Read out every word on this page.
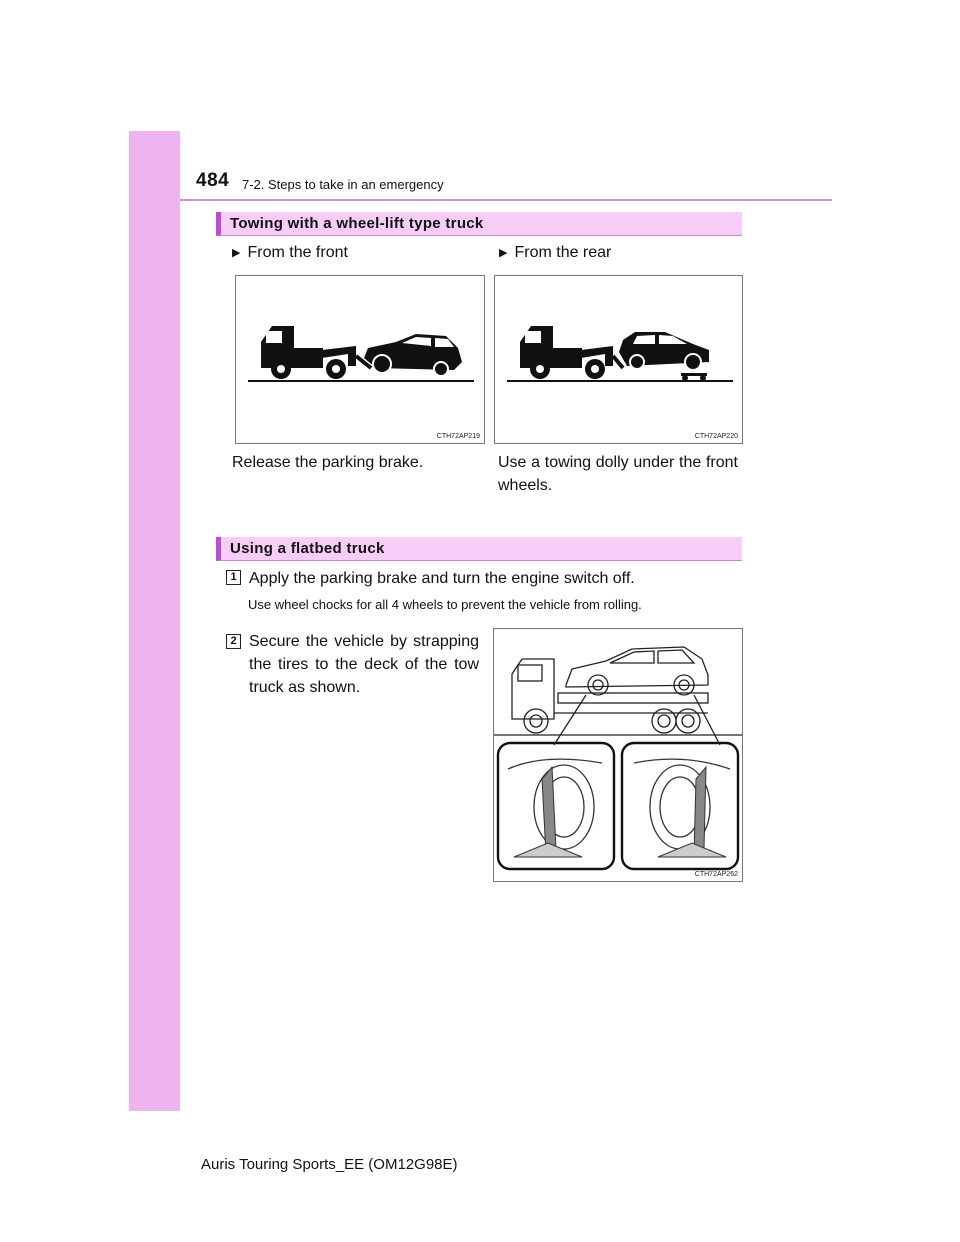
484 7-2. Steps to take in an emergency
Towing with a wheel-lift type truck
▶ From the front	▶ From the rear
CTH72AP219	CTH72AP220
Release the parking brake.	Use a towing dolly under the front wheels.
Using a flatbed truck
1 Apply the parking brake and turn the engine switch off.
Use wheel chocks for all 4 wheels to prevent the vehicle from rolling.
2 Secure the vehicle by strapping the tires to the deck of the tow truck as shown.
CTH72AP262
Auris Touring Sports_EE (OM12G98E)
